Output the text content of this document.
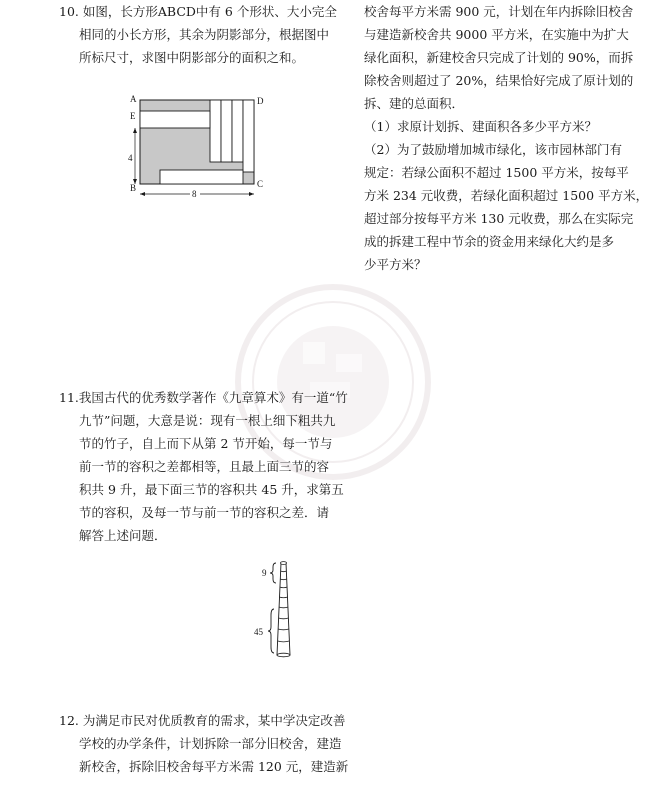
10. 如图，长方形ABCD中有 6 个形状、大小完全
相同的小长方形，其余为阴影部分，根据图中
所标尺寸，求图中阴影部分的面积之和。
A
E
B
D
C
4
8
校舍每平方米需 900 元，计划在年内拆除旧校舍
与建造新校舍共 9000 平方米，在实施中为扩大
绿化面积，新建校舍只完成了计划的 90%，而拆
除校舍则超过了 20%，结果恰好完成了原计划的
拆、建的总面积．
（1）求原计划拆、建面积各多少平方米？
（2）为了鼓励增加城市绿化，该市园林部门有
规定：若绿公面积不超过 1500 平方米，按每平
方米 234 元收费，若绿化面积超过 1500 平方米，
超过部分按每平方米 130 元收费，那么在实际完
成的拆建工程中节余的资金用来绿化大约是多
少平方米？
11.我国古代的优秀数学著作《九章算术》有一道“竹
九节”问题，大意是说：现有一根上细下粗共九
节的竹子，自上而下从第 2 节开始，每一节与
前一节的容积之差都相等，且最上面三节的容
积共 9 升，最下面三节的容积共 45 升，求第五
节的容积，及每一节与前一节的容积之差．请
解答上述问题．
9
45
12. 为满足市民对优质教育的需求，某中学决定改善
学校的办学条件，计划拆除一部分旧校舍，建造
新校舍，拆除旧校舍每平方米需 120 元，建造新
